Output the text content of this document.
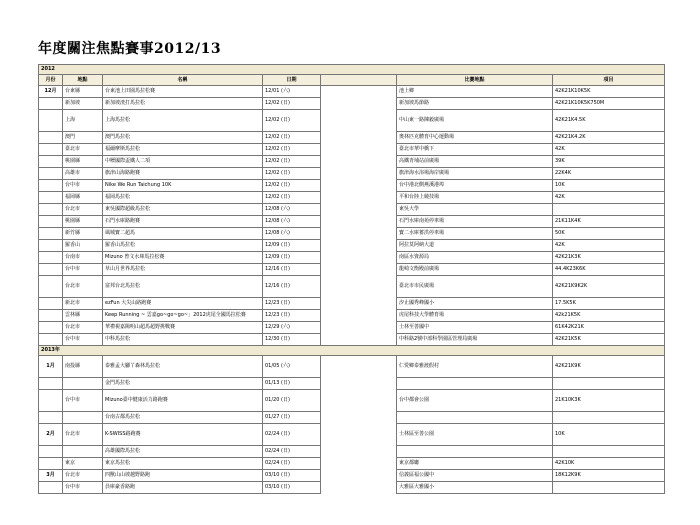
年度關注焦點賽事2012/13
2012						
月份	地點	名稱	日期		比賽地點	項目
12月	台東縣	台東池上田園馬拉松賽	12/01 (六)		池上鄉	42K21K10K5K
	新加坡	新加坡渣打馬拉松	12/02 (日)		新加坡馬節路	42K21K10K5K750M
	上海	上海馬拉松	12/02 (日)		中山東一路陳毅廣場	42K21K4.5K
	澳門	澳門馬拉松	12/02 (日)		奧林匹克體育中心運動場	42K21K4.2K
	臺北市	福爾摩斯馬拉松	12/02 (日)		臺北市華中橋下	42K
	桃園縣	中壢國際盃鐵人二項	12/02 (日)		高鐵青埔站前廣場	39K
	高雄市	旗津山海路跑賽	12/02 (日)		旗津海水浴場海岸廣場	22K4K
	台中市	Nike We Run Taichung 10K	12/02 (日)		台中港北側燕溪港埠	10K
	福岡縣	福岡馬拉松	12/02 (日)		平和台陸上競技場	42K
	台北市	東吳國際超級馬拉松	12/08 (六)		東吳大學	
	桃園縣	石門水庫路跑賽	12/08 (六)		石門水庫南苑停車場	21K11K4K
	新竹縣	風城寶二超馬	12/08 (六)		寶二水庫蓄洪停車場	50K
	羅香山	羅香山馬拉松	12/09 (日)		阿拉莫阿納大道	42K
	台南市	Mizuno 曾文水庫馬拉松賽	12/09 (日)		南區水資源局	42K21K3K
	台中市	草山月世界馬拉松	12/16 (日)		龍崎文衡殿前廣場	44.4K23K6K
	台北市	富邦台北馬拉松	12/16 (日)		臺北市市民廣場	42K21K9K2K
	新北市	ezFun 大尖山路跑賽	12/23 (日)		汐止國秀峰國小	17.5K5K
	雲林縣	Keep Running ~ 雲嘉go~go~go~」2012虎尾全國馬拉松賽	12/23 (日)		虎尾科技大學體育場	42k21K5K
	台北市	華禮視嘉陽明山超馬超野挑戰賽	12/29 (六)		士林至善國中	61K42K21K
	台中市	中科馬拉松	12/30 (日)		中科路2號中部科學園區管理局廣場	42K21K5K
2013年						
1月	南投縣	泰雅孟大腳丫森林馬拉松	01/05 (六)		仁愛鄉泰雅渡假村	42K21K9K
		金門馬拉松	01/13 (日)			
	台中市	Mizuno臺中健康活力路跑賽	01/20 (日)		台中都會公園	21K10K3K
		台南古都馬拉松	01/27 (日)			
2月	台北市	K-SWISS路跑賽	02/24 (日)		士林區至善公園	10K
		高雄國際馬拉松	02/24 (日)			
	東京	東京馬拉松	02/24 (日)		東京都廳	42K10K
3月	台北市	四獸山山坡越野路跑	03/10 (日)		信義區福公國中	18K12K9K
	台中市	員庫豪香路跑	03/10 (日)		大雅區大雅國小	
